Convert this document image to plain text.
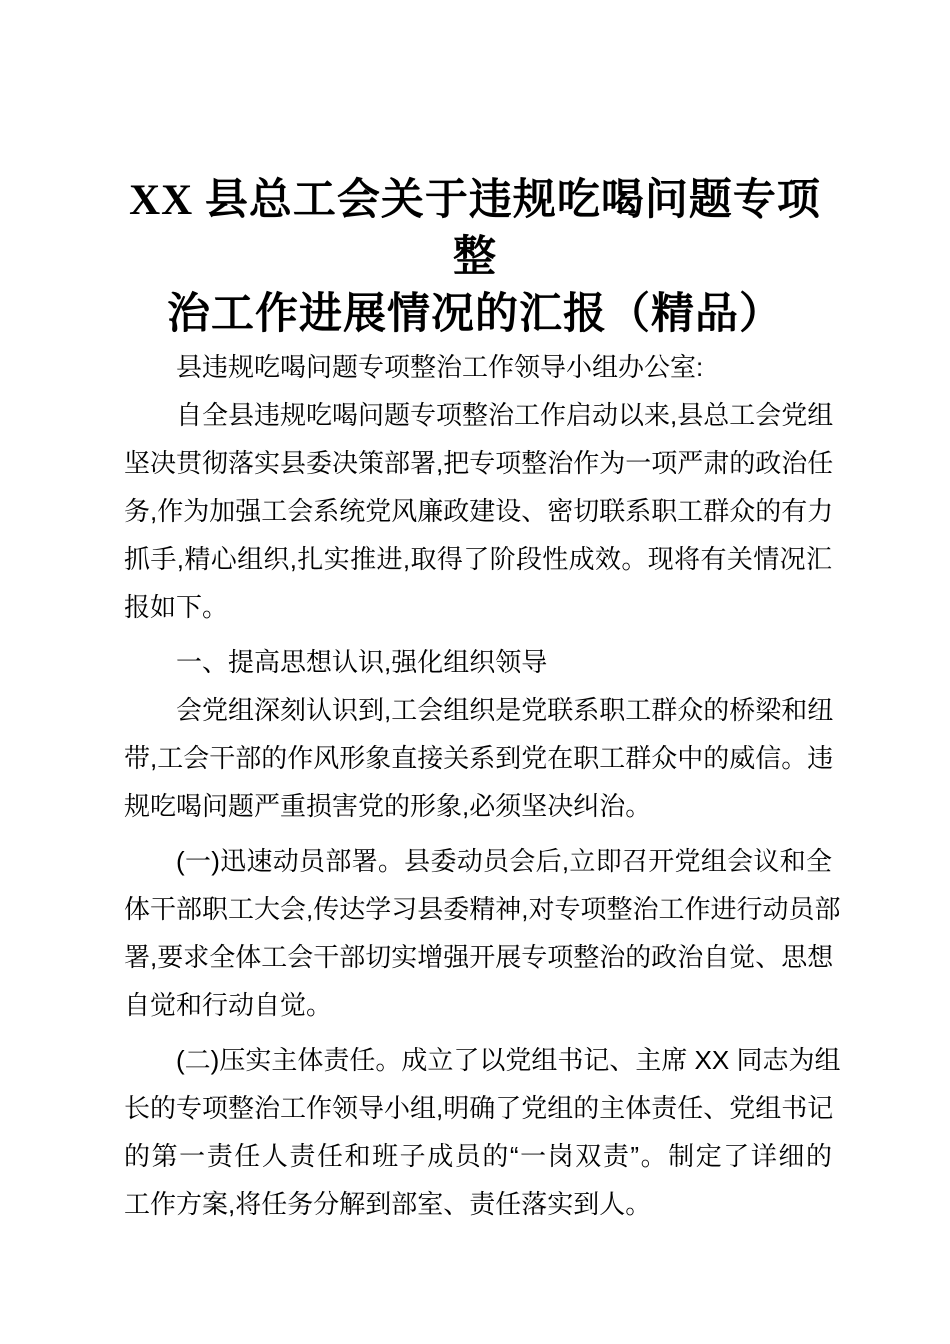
XX 县总工会关于违规吃喝问题专项整
治工作进展情况的汇报（精品）
县违规吃喝问题专项整治工作领导小组办公室:
自全县违规吃喝问题专项整治工作启动以来,县总工会党组
坚决贯彻落实县委决策部署,把专项整治作为一项严肃的政治任
务,作为加强工会系统党风廉政建设、密切联系职工群众的有力
抓手,精心组织,扎实推进,取得了阶段性成效。现将有关情况汇
报如下。
一、提高思想认识,强化组织领导
会党组深刻认识到,工会组织是党联系职工群众的桥梁和纽
带,工会干部的作风形象直接关系到党在职工群众中的威信。违
规吃喝问题严重损害党的形象,必须坚决纠治。
(一)迅速动员部署。县委动员会后,立即召开党组会议和全
体干部职工大会,传达学习县委精神,对专项整治工作进行动员部
署,要求全体工会干部切实增强开展专项整治的政治自觉、思想
自觉和行动自觉。
(二)压实主体责任。成立了以党组书记、主席 XX 同志为组
长的专项整治工作领导小组,明确了党组的主体责任、党组书记
的第一责任人责任和班子成员的“一岗双责”。制定了详细的
工作方案,将任务分解到部室、责任落实到人。
